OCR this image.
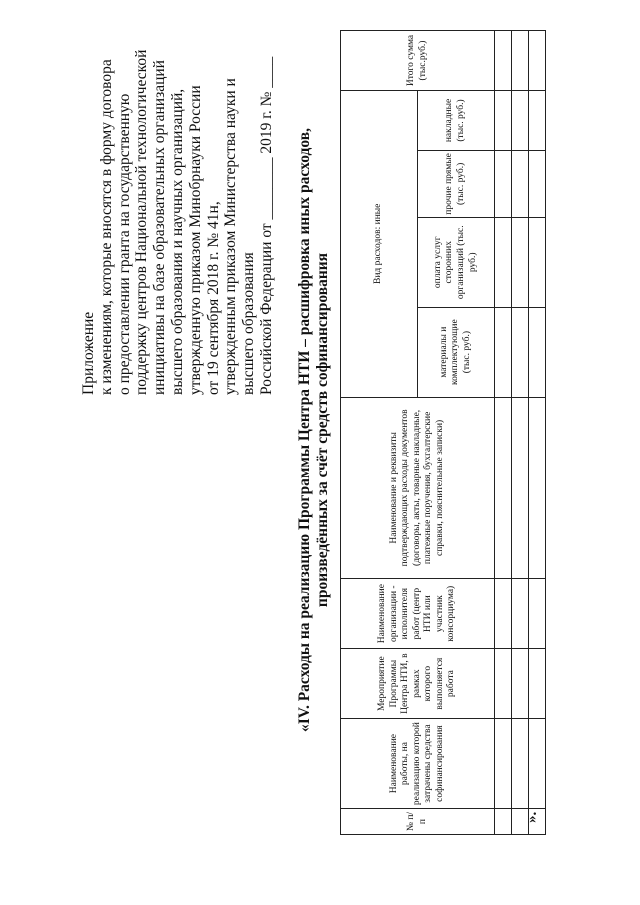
Приложение к изменениям, которые вносятся в форму договора о предоставлении гранта на государственную поддержку центров Национальной технологической инициативы на базе образовательных организаций высшего образования и научных организаций, утвержденную приказом Минобрнауки России от 19 сентября 2018 г. № 41н, утвержденным приказом Министерства науки и высшего образования Российской Федерации от ________ 2019 г. № ____ «IV. Расходы на реализацию Программы Центра НТИ – расшифровка иных расходов, произведённых за счёт средств софинансирования
№ п/п	Наименование работы, на реализацию которой затрачены средства софинансирования	Мероприятие Программы Центра НТИ, в рамках которого выполняется работа	Наименование организации - исполнителя работ (центр НТИ или участник консорциума)	Наименование и реквизиты подтверждающих расходы документов (договоры, акты, товарные накладные, платежные поручения, бухгалтерские справки, пояснительные записки)	Вид расходов: иные				Итого сумма (тыс.руб.)
					материалы и комплектующие (тыс. руб.)	оплата услуг сторонних организаций (тыс. руб.)	прочие прямые (тыс. руб.)	накладные (тыс. руб.)	

».
